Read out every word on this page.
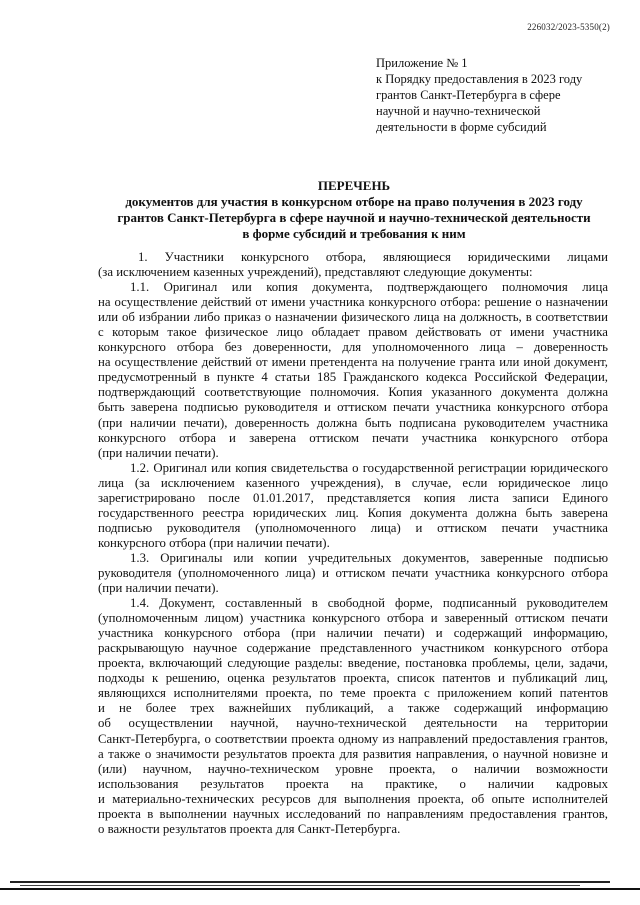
226032/2023-5350(2)
Приложение № 1
к Порядку предоставления в 2023 году
грантов Санкт-Петербурга в сфере
научной и научно-технической
деятельности в форме субсидий
ПЕРЕЧЕНЬ
документов для участия в конкурсном отборе на право получения в 2023 году
грантов Санкт-Петербурга в сфере научной и научно-технической деятельности
в форме субсидий и требования к ним
1. Участники конкурсного отбора, являющиеся юридическими лицами
(за исключением казенных учреждений), представляют следующие документы:
1.1. Оригинал или копия документа, подтверждающего полномочия лица
на осуществление действий от имени участника конкурсного отбора: решение о назначении
или об избрании либо приказ о назначении физического лица на должность, в соответствии
с которым такое физическое лицо обладает правом действовать от имени участника
конкурсного отбора без доверенности, для уполномоченного лица – доверенность
на осуществление действий от имени претендента на получение гранта или иной документ,
предусмотренный в пункте 4 статьи 185 Гражданского кодекса Российской Федерации,
подтверждающий соответствующие полномочия. Копия указанного документа должна
быть заверена подписью руководителя и оттиском печати участника конкурсного отбора
(при наличии печати), доверенность должна быть подписана руководителем участника
конкурсного отбора и заверена оттиском печати участника конкурсного отбора
(при наличии печати).
1.2. Оригинал или копия свидетельства о государственной регистрации юридического
лица (за исключением казенного учреждения), в случае, если юридическое лицо
зарегистрировано после 01.01.2017, представляется копия листа записи Единого
государственного реестра юридических лиц. Копия документа должна быть заверена
подписью руководителя (уполномоченного лица) и оттиском печати участника
конкурсного отбора (при наличии печати).
1.3. Оригиналы или копии учредительных документов, заверенные подписью
руководителя (уполномоченного лица) и оттиском печати участника конкурсного отбора
(при наличии печати).
1.4. Документ, составленный в свободной форме, подписанный руководителем
(уполномоченным лицом) участника конкурсного отбора и заверенный оттиском печати
участника конкурсного отбора (при наличии печати) и содержащий информацию,
раскрывающую научное содержание представленного участником конкурсного отбора
проекта, включающий следующие разделы: введение, постановка проблемы, цели, задачи,
подходы к решению, оценка результатов проекта, список патентов и публикаций лиц,
являющихся исполнителями проекта, по теме проекта с приложением копий патентов
и не более трех важнейших публикаций, а также содержащий информацию
об осуществлении научной, научно-технической деятельности на территории
Санкт-Петербурга, о соответствии проекта одному из направлений предоставления грантов,
а также о значимости результатов проекта для развития направления, о научной новизне и
(или) научном, научно-техническом уровне проекта, о наличии возможности
использования результатов проекта на практике, о наличии кадровых
и материально-технических ресурсов для выполнения проекта, об опыте исполнителей
проекта в выполнении научных исследований по направлениям предоставления грантов,
о важности результатов проекта для Санкт-Петербурга.
